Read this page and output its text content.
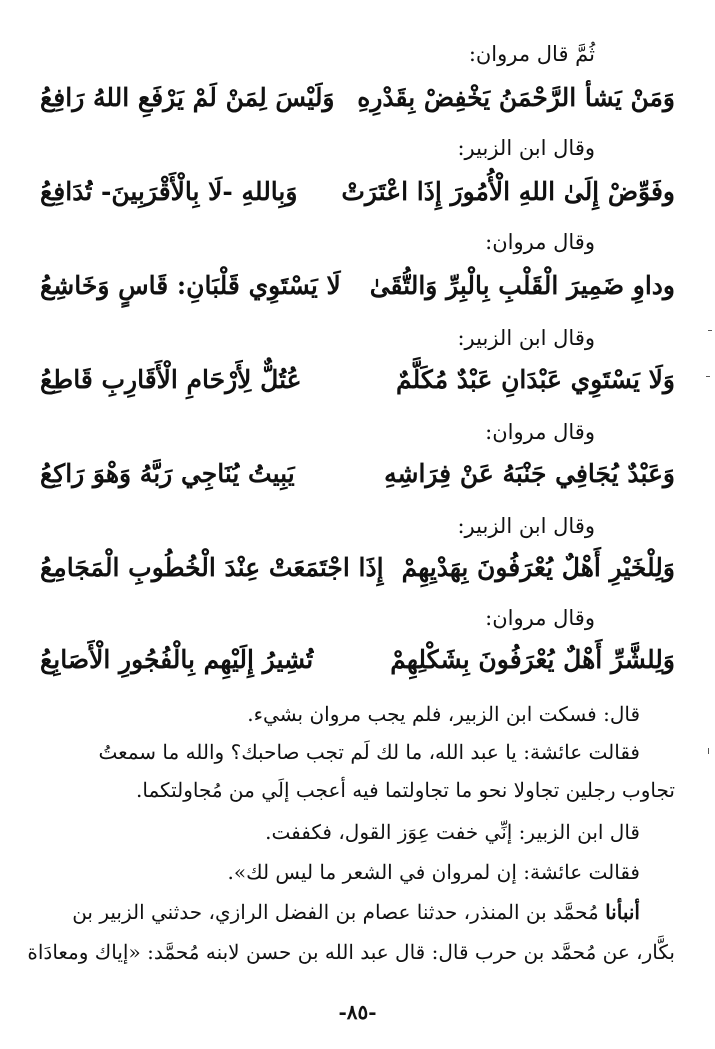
ثُمَّ قال مروان:
وَمَنْ يَشأ الرَّحْمَنُ يَخْفِضْ بِقَدْرِهِ
وَلَيْسَ لِمَنْ لَمْ يَرْفَعِ اللهُ رَافِعُ
وقال ابن الزبير:
وفَوِّضْ إِلَىٰ اللهِ الْأُمُورَ إِذَا اعْتَرَتْ
وَبِاللهِ -لَا بِالْأَقْرَبِينَ- تُدَافِعُ
وقال مروان:
وداوِ ضَمِيرَ الْقَلْبِ بِالْبِرِّ وَالتُّقَىٰ
لَا يَسْتَوِي قَلْبَانِ: قَاسٍ وَخَاشِعُ
وقال ابن الزبير:
وَلَا يَسْتَوِي عَبْدَانِ عَبْدٌ مُكَلَّمٌ
عُتُلٌّ لِأَرْحَامِ الْأَقَارِبِ قَاطِعُ
وقال مروان:
وَعَبْدٌ يُجَافِي جَنْبَهُ عَنْ فِرَاشِهِ
يَبِيتُ يُنَاجِي رَبَّهُ وَهْوَ رَاكِعُ
وقال ابن الزبير:
وَلِلْخَيْرِ أَهْلٌ يُعْرَفُونَ بِهَدْيِهِمْ
إِذَا اجْتَمَعَتْ عِنْدَ الْخُطُوبِ الْمَجَامِعُ
وقال مروان:
وَلِلشَّرِّ أَهْلٌ يُعْرَفُونَ بِشَكْلِهِمْ
تُشِيرُ إِلَيْهِم بِالْفُجُورِ الْأَصَابِعُ
قال: فسكت ابن الزبير، فلم يجب مروان بشيء.
فقالت عائشة: يا عبد الله، ما لك لَم تجب صاحبك؟ والله ما سمعتُ
تجاوب رجلين تجاولا نحو ما تجاولتما فيه أعجب إلَي من مُجاولتكما.
قال ابن الزبير: إنِّي خفت عِوَز القول، فكففت.
فقالت عائشة: إن لمروان في الشعر ما ليس لك».
أنبأنا مُحمَّد بن المنذر، حدثنا عصام بن الفضل الرازي، حدثني الزبير بن
بكَّار، عن مُحمَّد بن حرب قال: قال عبد الله بن حسن لابنه مُحمَّد: «إياك ومعادَاة
-٨٥-
